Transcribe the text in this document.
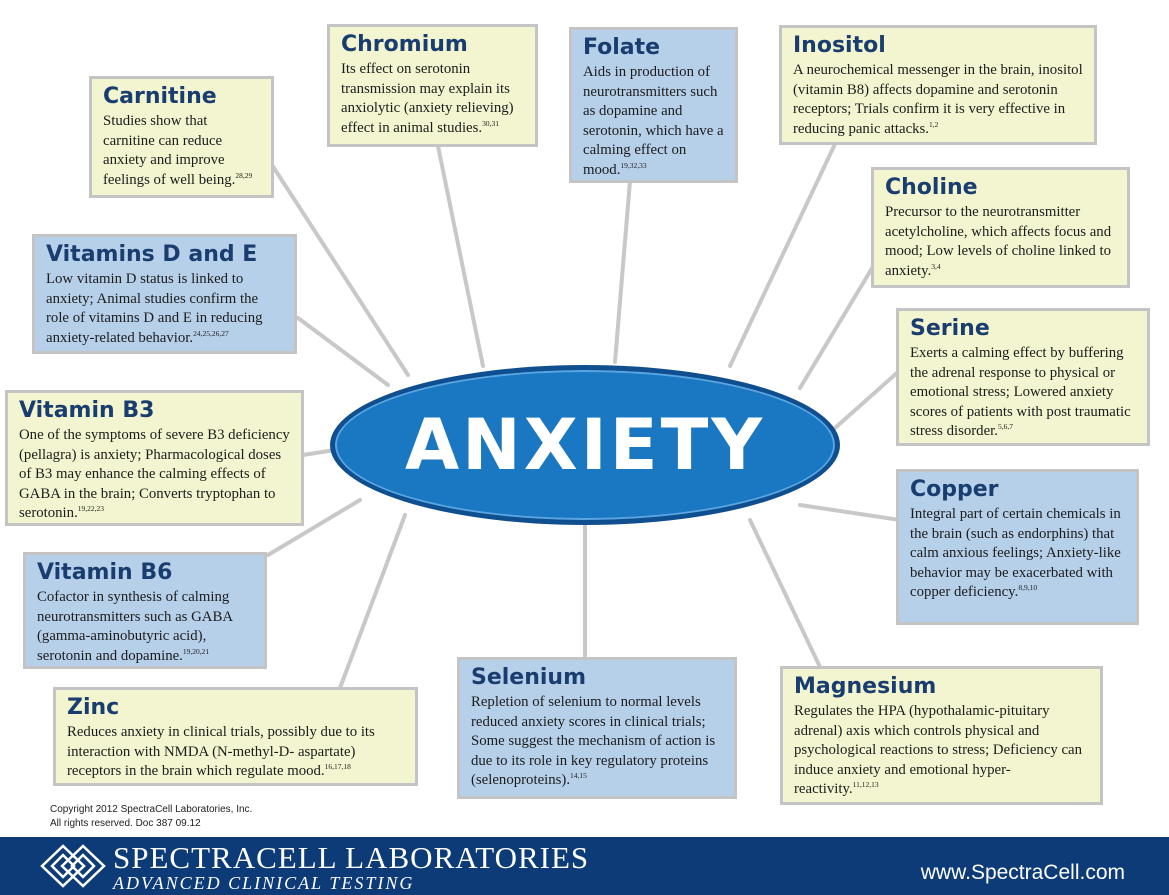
Chromium

Its effect on serotonin transmission may explain its anxiolytic (anxiety relieving) effect in animal studies.$^{30,31}$

Folate

Aids in production of neurotransmitters such as dopamine and serotonin, which have a calming effect on mood.$^{19,32,33}$

Inositol

A neurochemical messenger in the brain, inositol (vitamin B8) affects dopamine and serotonin receptors; Trials confirm it is very effective in reducing panic attacks.$^{1,2}$

Carnitine

Studies show that carnitine can reduce anxiety and improve feelings of well being.$^{28,29}$	Choline

Precursor to the neurotransmitter acetylcholine, which affects focus and mood; Low levels of choline linked to anxiety.$^{3,4}$

Vitamins D and E

Low vitamin D status is linked to anxiety; Animal studies confirm the role of vitamins D and E in reducing anxiety-related behavior.$^{24,25,26,27}$	Serine

Exerts a calming effect by buffering the adrenal response to physical or emotional stress; Lowered anxiety scores of patients with post traumatic stress disorder.$^{5,6,7}$

Vitamin B3

One of the symptoms of severe B3 deficiency (pellagra) is anxiety; Pharmacological doses of B3 may enhance the calming effects of GABA in the brain; Converts tryptophan to serotonin.$^{19,22,23}$

Copper

Integral part of certain chemicals in the brain (such as endorphins) that calm anxious feelings; Anxiety-like behavior may be exacerbated with copper deficiency.$^{8,9,10}$

Vitamin B6

Cofactor in synthesis of calming neurotransmitters such as GABA (gamma-aminobutyric acid), serotonin and dopamine.$^{19,20,21}$

Zinc

Reduces anxiety in clinical trials, possibly due to its interaction with NMDA (N-methyl-D- aspartate) receptors in the brain which regulate mood.$^{16,17,18}$

Selenium

Repletion of selenium to normal levels reduced anxiety scores in clinical trials; Some suggest the mechanism of action is due to its role in key regulatory proteins (selenoproteins).$^{14,15}$

Magnesium

Regulates the HPA (hypothalamic-pituitary adrenal) axis which controls physical and psychological reactions to stress; Deficiency can induce anxiety and emotional hyper-reactivity.$^{11,12,13}$

ANXIETY
Copyright 2012 SpectraCell Laboratories, Inc.
All rights reserved. Doc 387 09.12
SPECTRACELL LABORATORIES
ADVANCED CLINICAL TESTING	www.SpectraCell.com
